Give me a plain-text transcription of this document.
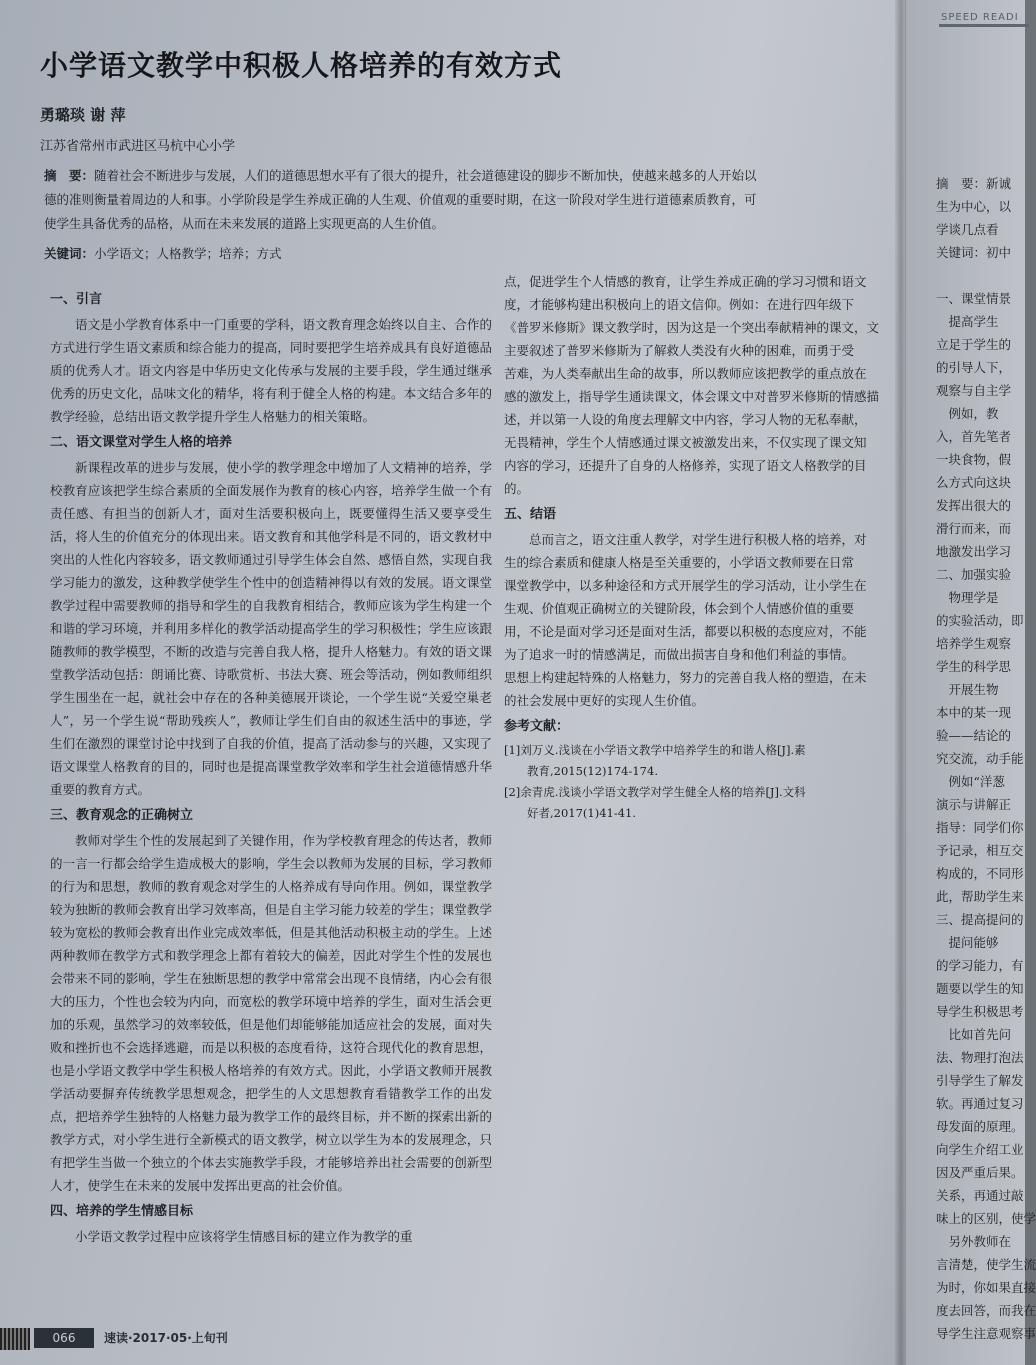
小学语文教学中积极人格培养的有效方式
勇璐琰 谢 萍
江苏省常州市武进区马杭中心小学
摘　要：随着社会不断进步与发展，人们的道德思想水平有了很大的提升，社会道德建设的脚步不断加快，使越来越多的人开始以
德的准则衡量着周边的人和事。小学阶段是学生养成正确的人生观、价值观的重要时期，在这一阶段对学生进行道德素质教育，可
使学生具备优秀的品格，从而在未来发展的道路上实现更高的人生价值。
关键词：小学语文；人格教学；培养；方式
一、引言

语文是小学教育体系中一门重要的学科，语文教育理念始终以自主、合作的方式进行学生语文素质和综合能力的提高，同时要把学生培养成具有良好道德品质的优秀人才。语文内容是中华历史文化传承与发展的主要手段，学生通过继承优秀的历史文化，品味文化的精华，将有利于健全人格的构建。本文结合多年的教学经验，总结出语文教学提升学生人格魅力的相关策略。

二、语文课堂对学生人格的培养

新课程改革的进步与发展，使小学的教学理念中增加了人文精神的培养，学校教育应该把学生综合素质的全面发展作为教育的核心内容，培养学生做一个有责任感、有担当的创新人才，面对生活要积极向上，既要懂得生活又要享受生活，将人生的价值充分的体现出来。语文教育和其他学科是不同的，语文教材中突出的人性化内容较多，语文教师通过引导学生体会自然、感悟自然，实现自我学习能力的激发，这种教学使学生个性中的创造精神得以有效的发展。语文课堂教学过程中需要教师的指导和学生的自我教育相结合，教师应该为学生构建一个和谐的学习环境，并利用多样化的教学活动提高学生的学习积极性；学生应该跟随教师的教学模型，不断的改造与完善自我人格，提升人格魅力。有效的语文课堂教学活动包括：朗诵比赛、诗歌赏析、书法大赛、班会等活动，例如教师组织学生围坐在一起，就社会中存在的各种美德展开谈论，一个学生说“关爱空巢老人”，另一个学生说“帮助残疾人”，教师让学生们自由的叙述生活中的事迹，学生们在激烈的课堂讨论中找到了自我的价值，提高了活动参与的兴趣，又实现了语文课堂人格教育的目的，同时也是提高课堂教学效率和学生社会道德情感升华重要的教育方式。

三、教育观念的正确树立

教师对学生个性的发展起到了关键作用，作为学校教育理念的传达者，教师的一言一行都会给学生造成极大的影响，学生会以教师为发展的目标，学习教师的行为和思想，教师的教育观念对学生的人格养成有导向作用。例如，课堂教学较为独断的教师会教育出学习效率高，但是自主学习能力较差的学生；课堂教学较为宽松的教师会教育出作业完成效率低，但是其他活动积极主动的学生。上述两种教师在教学方式和教学理念上都有着较大的偏差，因此对学生个性的发展也会带来不同的影响，学生在独断思想的教学中常常会出现不良情绪，内心会有很大的压力，个性也会较为内向，而宽松的教学环境中培养的学生，面对生活会更加的乐观，虽然学习的效率较低，但是他们却能够能加适应社会的发展，面对失败和挫折也不会选择逃避，而是以积极的态度看待，这符合现代化的教育思想，也是小学语文教学中学生积极人格培养的有效方式。因此，小学语文教师开展教学活动要摒弃传统教学思想观念，把学生的人文思想教育看错教学工作的出发点，把培养学生独特的人格魅力最为教学工作的最终目标，并不断的探索出新的教学方式，对小学生进行全新模式的语文教学，树立以学生为本的发展理念，只有把学生当做一个独立的个体去实施教学手段，才能够培养出社会需要的创新型人才，使学生在未来的发展中发挥出更高的社会价值。

四、培养的学生情感目标

小学语文教学过程中应该将学生情感目标的建立作为教学的重

点，促进学生个人情感的教育，让学生养成正确的学习习惯和语文

度，才能够构建出积极向上的语文信仰。例如：在进行四年级下

《普罗米修斯》课文教学时，因为这是一个突出奉献精神的课文，文

主要叙述了普罗米修斯为了解救人类没有火种的困难，而勇于受

苦难，为人类奉献出生命的故事，所以教师应该把教学的重点放在

感的激发上，指导学生通读课文，体会课文中对普罗米修斯的情感描

述，并以第一人设的角度去理解文中内容，学习人物的无私奉献，

无畏精神，学生个人情感通过课文被激发出来，不仅实现了课文知

内容的学习，还提升了自身的人格修养，实现了语文人格教学的目

的。

五、结语

总而言之，语文注重人教学，对学生进行积极人格的培养，对

生的综合素质和健康人格是至关重要的，小学语文教师要在日常

课堂教学中，以多种途径和方式开展学生的学习活动，让小学生在

生观、价值观正确树立的关键阶段，体会到个人情感价值的重要

用，不论是面对学习还是面对生活，都要以积极的态度应对，不能

为了追求一时的情感满足，而做出损害自身和他们利益的事情。

思想上构建起特殊的人格魅力，努力的完善自我人格的塑造，在未

的社会发展中更好的实现人生价值。

参考文献：
[1]刘万义.浅谈在小学语文教学中培养学生的和谐人格[J].素
教育,2015(12)174-174.
[2]余青虎.浅谈小学语文教学对学生健全人格的培养[J].文科
好者,2017(1)41-41.
SPEED READI
摘　要：新诚
生为中心，以
学谈几点看
关键词：初中

一、课堂情景
　提高学生
立足于学生的
的引导人下，
观察与自主学
　例如，教
入，首先笔者
一块食物，假
么方式向这块
发挥出很大的
滑行而来，而
地激发出学习
二、加强实验
　物理学是
的实验活动，即
培养学生观察
学生的科学思
　开展生物
本中的某一现
验——结论的
究交流，动手能
　例如“洋葱
演示与讲解正
指导：同学们你
予记录，相互交
构成的，不同形
此，帮助学生来
三、提高提问的
　提问能够
的学习能力，有
题要以学生的知
导学生积极思考
　比如首先问
法、物理打泡法
引导学生了解发
软。再通过复习
母发面的原理。
向学生介绍工业
因及严重后果。
关系，再通过敲
味上的区别，使学
　另外教师在
言清楚，使学生流
为时，你如果直接
度去回答，而我在
导学生注意观察事
066	速读·2017·05·上旬刊
